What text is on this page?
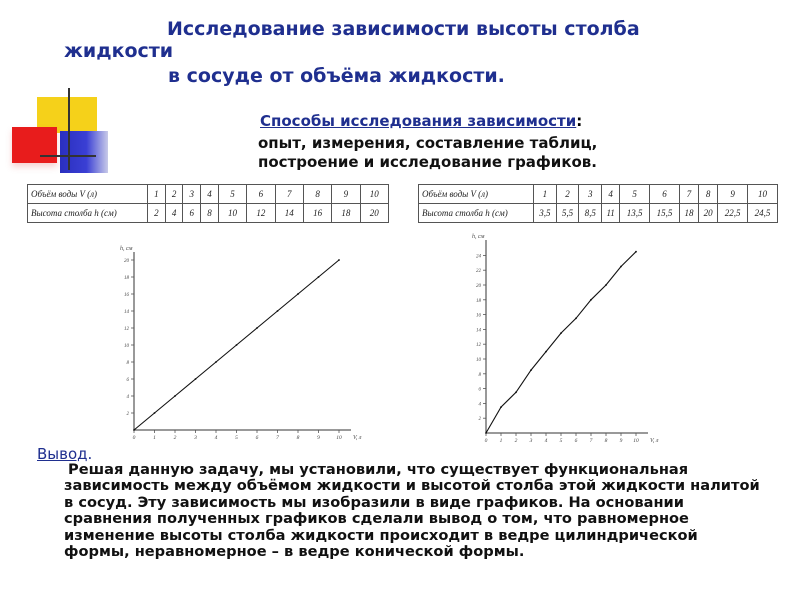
Исследование зависимости высоты столба
жидкости
в сосуде от объёма жидкости.
Способы исследования зависимости:
опыт, измерения, составление таблиц,
построение и исследование графиков.
Объём воды V (л)	1	2	3	4	5	6	7	8	9	10
Высота столба h (см)	2	4	6	8	10	12	14	16	18	20
Объём воды V (л)	1	2	3	4	5	6	7	8	9	10
Высота столба h (см)	3,5	5,5	8,5	11	13,5	15,5	18	20	22,5	24,5
2
4
6
8
10
12
14
16
18
20
0	1	2	3	4	5	6	7	8	9	10
h, см
V, л
2
4
6
8
10
12
14
16
18
20
22
24
0 1 2 3 4 5 6 7 8 9 10
h, см
V, л
Вывод.
Решая данную задачу, мы установили, что существует функциональная зависимость между объёмом жидкости и высотой столба этой жидкости налитой в сосуд. Эту зависимость мы изобразили в виде графиков. На основании сравнения полученных графиков сделали вывод о том, что равномерное изменение высоты столба жидкости происходит в ведре цилиндрической формы, неравномерное – в ведре конической формы.
